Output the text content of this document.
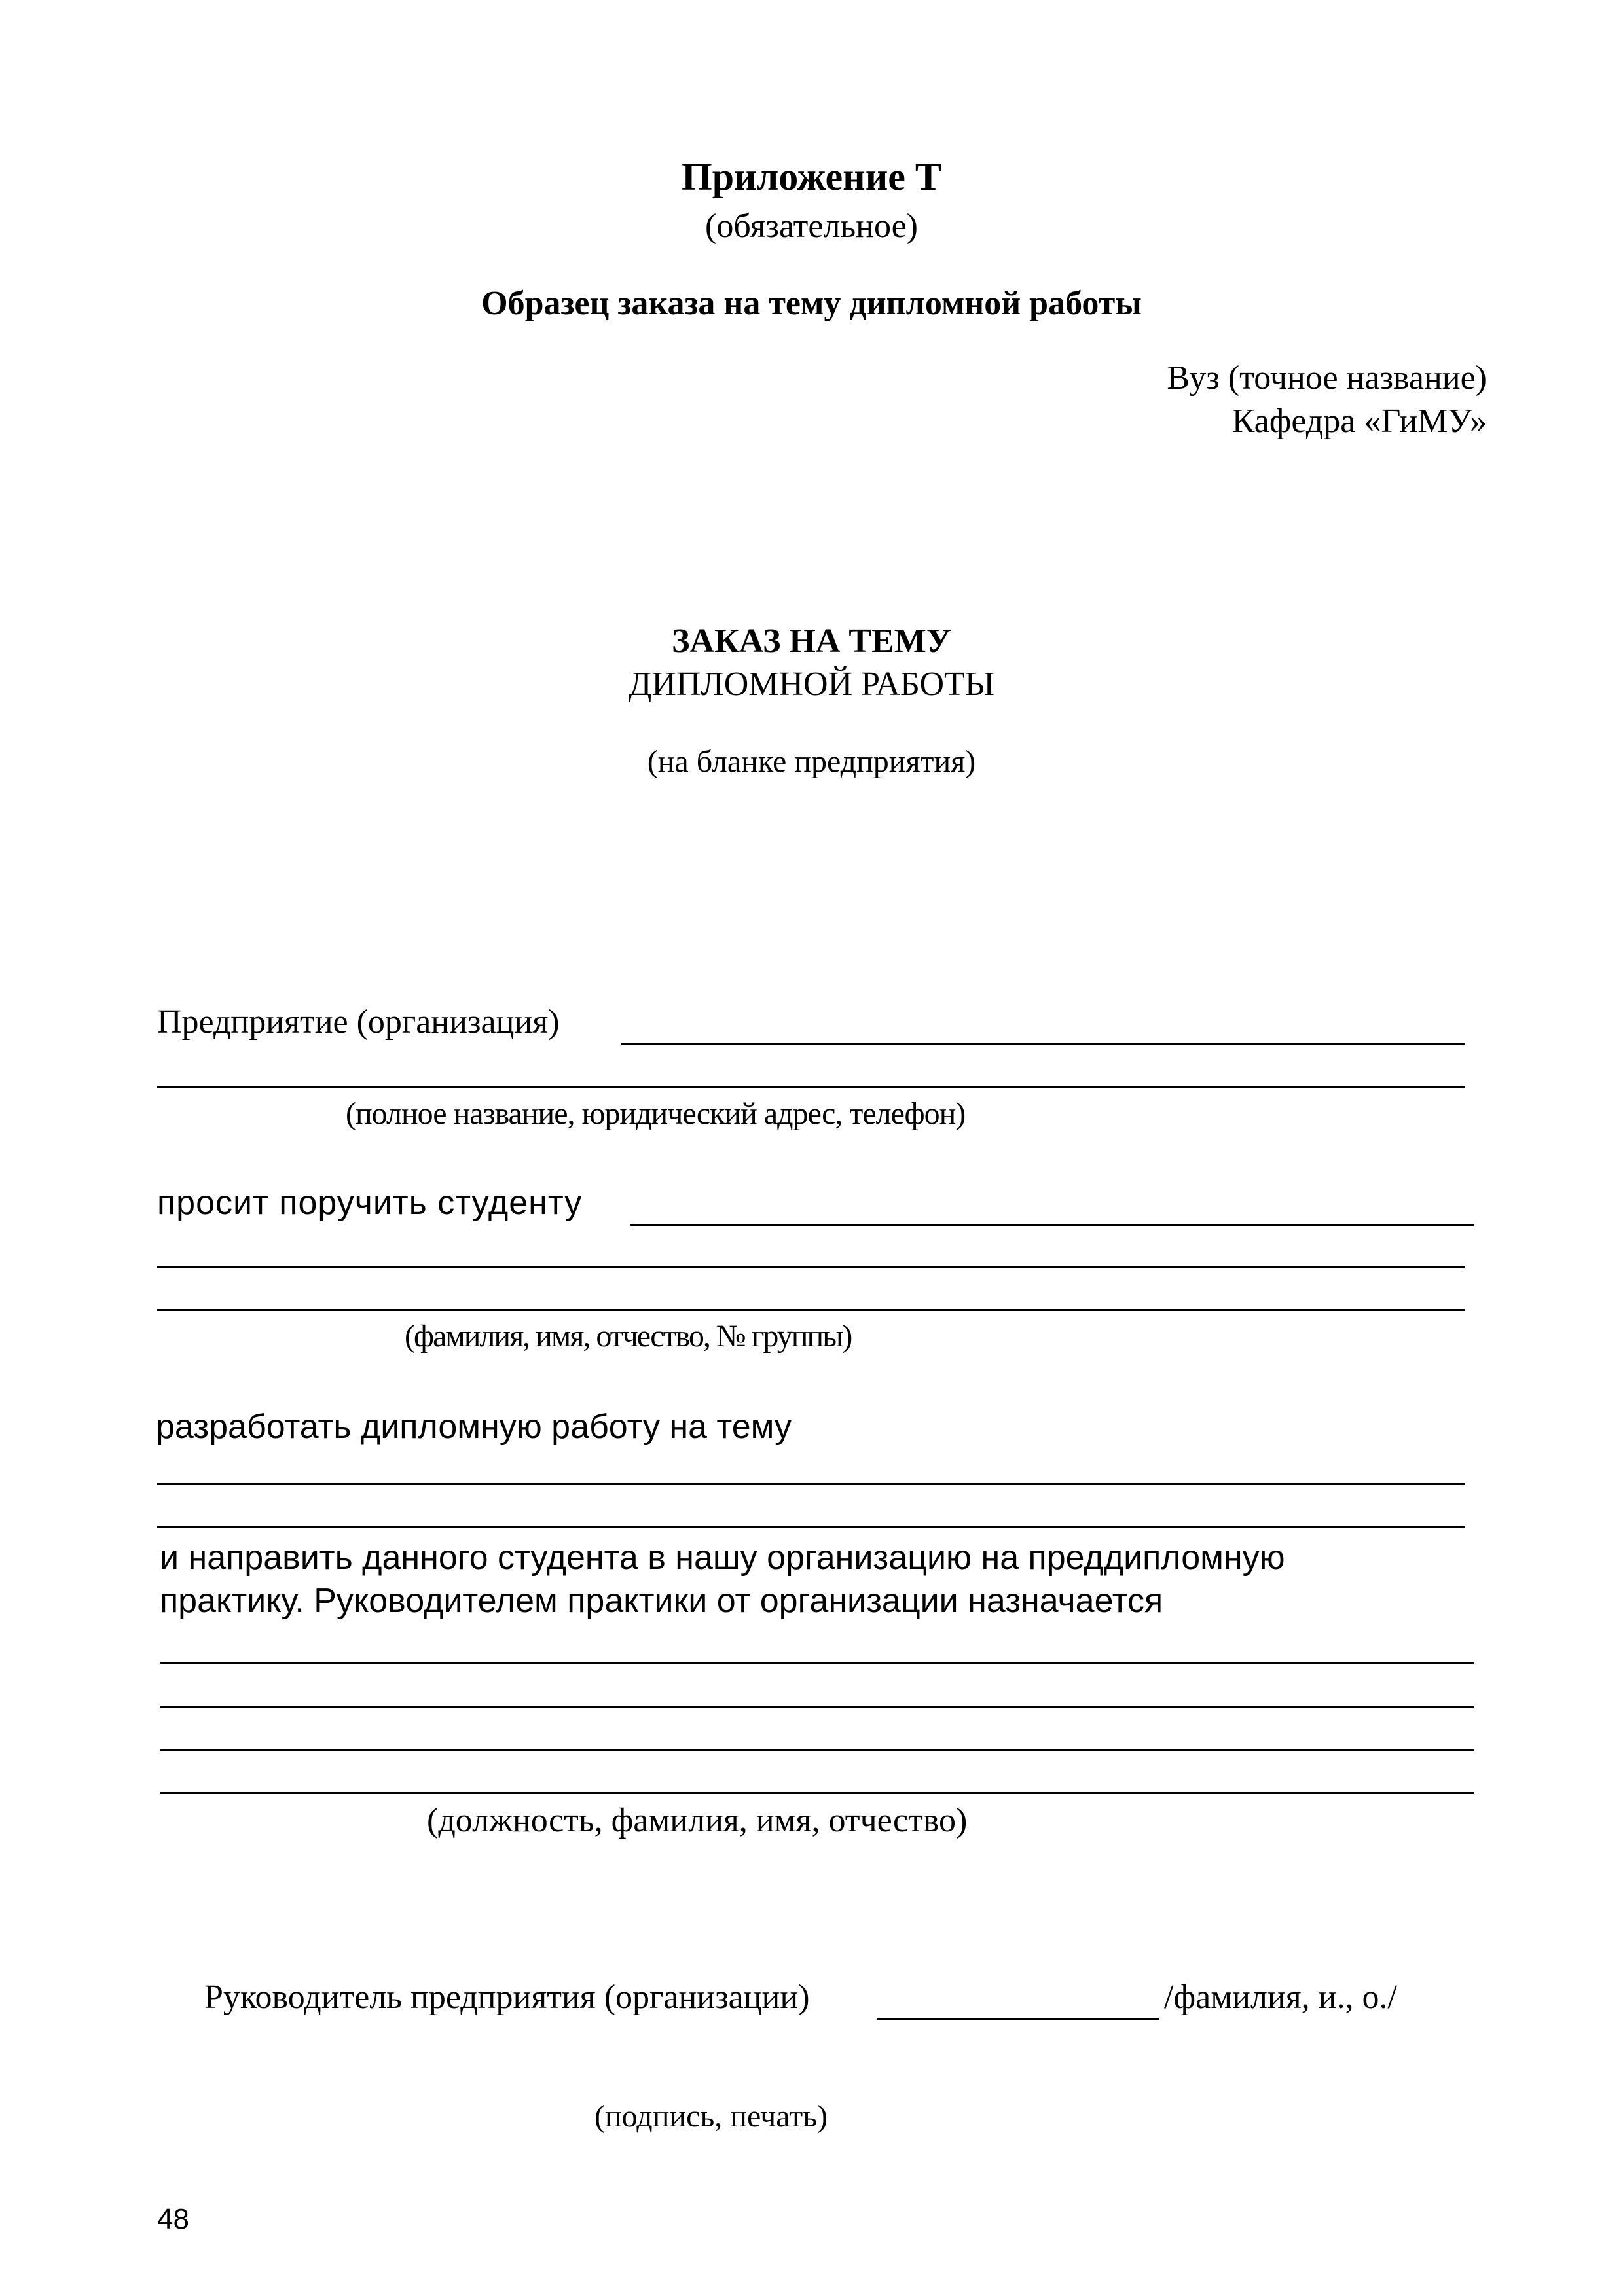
Приложение Т
(обязательное)
Образец заказа на тему дипломной работы
Вуз (точное название)
Кафедра «ГиМУ»
ЗАКАЗ НА ТЕМУ
ДИПЛОМНОЙ РАБОТЫ
(на бланке предприятия)
Предприятие (организация)
(полное название, юридический адрес, телефон)
просит поручить студенту
(фамилия, имя, отчество, № группы)
разработать дипломную работу на тему
и направить данного студента в нашу организацию на преддипломную
практику. Руководителем практики от организации назначается
(должность, фамилия, имя, отчество)
Руководитель предприятия (организации)	/фамилия, и., о./
(подпись, печать)
48
